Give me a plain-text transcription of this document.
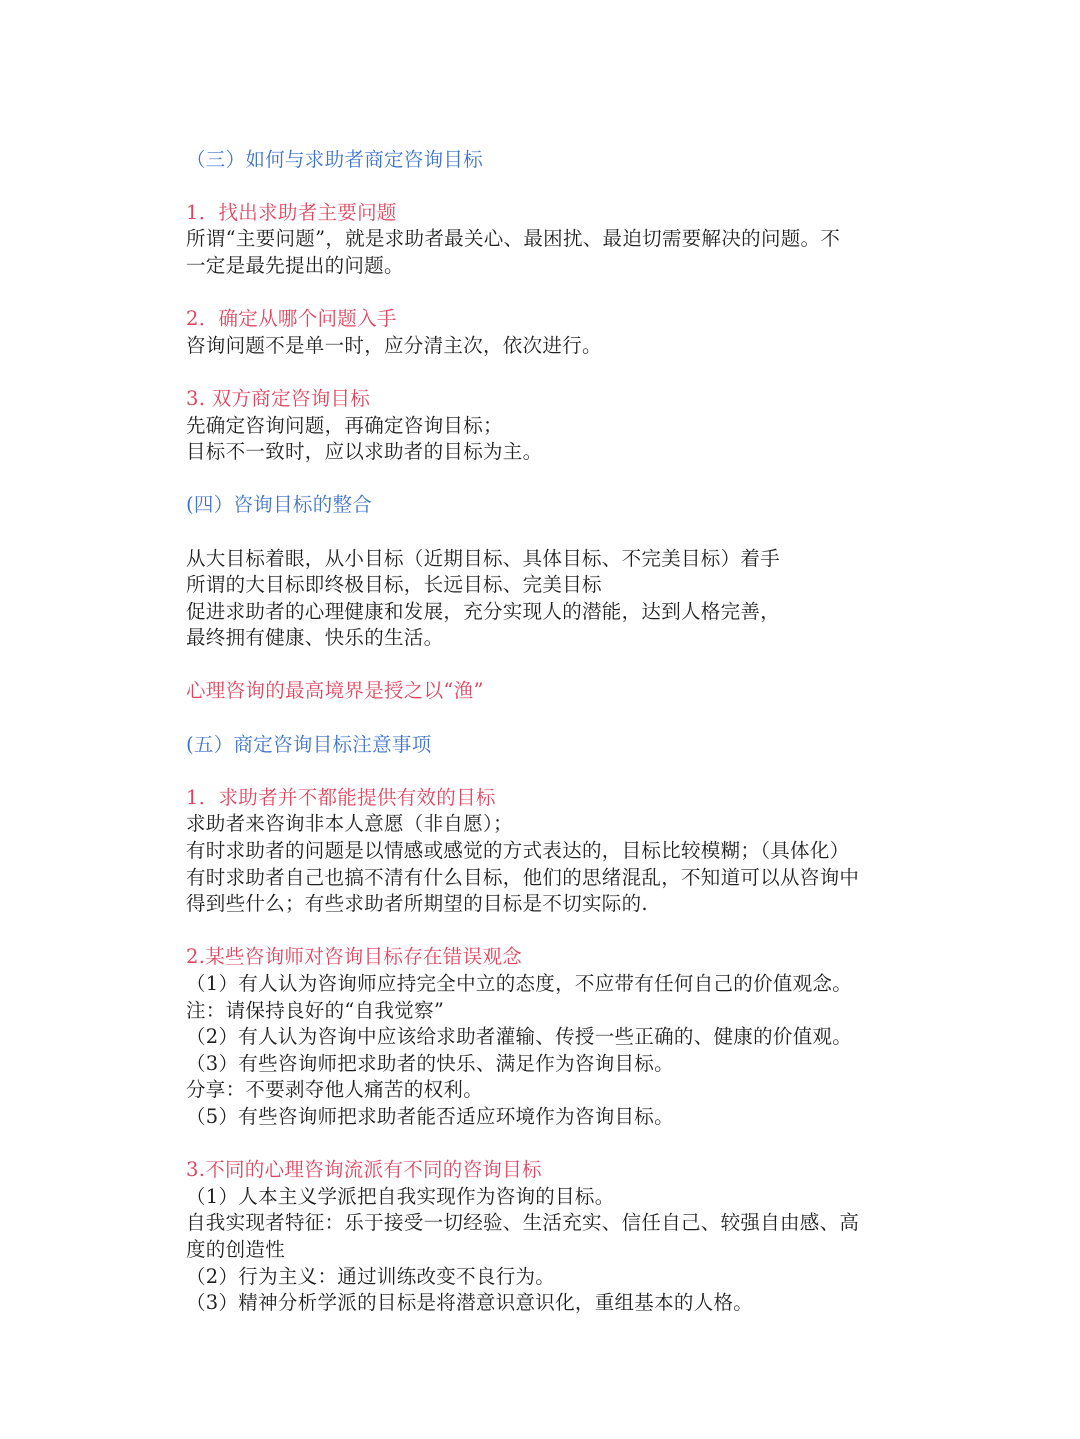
（三）如何与求助者商定咨询目标
1．找出求助者主要问题
所谓“主要问题”，就是求助者最关心、最困扰、最迫切需要解决的问题。不
一定是最先提出的问题。
2．确定从哪个问题入手
咨询问题不是单一时，应分清主次，依次进行。
3. 双方商定咨询目标
先确定咨询问题，再确定咨询目标；
目标不一致时，应以求助者的目标为主。
(四）咨询目标的整合
从大目标着眼，从小目标（近期目标、具体目标、不完美目标）着手
所谓的大目标即终极目标，长远目标、完美目标
促进求助者的心理健康和发展，充分实现人的潜能，达到人格完善，
最终拥有健康、快乐的生活。
心理咨询的最高境界是授之以“渔”
(五）商定咨询目标注意事项
1．求助者并不都能提供有效的目标
求助者来咨询非本人意愿（非自愿）；
有时求助者的问题是以情感或感觉的方式表达的，目标比较模糊；（具体化）
有时求助者自己也搞不清有什么目标，他们的思绪混乱，不知道可以从咨询中
得到些什么；有些求助者所期望的目标是不切实际的.
2.某些咨询师对咨询目标存在错误观念
（1）有人认为咨询师应持完全中立的态度，不应带有任何自己的价值观念。
注：请保持良好的“自我觉察”
（2）有人认为咨询中应该给求助者灌输、传授一些正确的、健康的价值观。
（3）有些咨询师把求助者的快乐、满足作为咨询目标。
分享：不要剥夺他人痛苦的权利。
（5）有些咨询师把求助者能否适应环境作为咨询目标。
3.不同的心理咨询流派有不同的咨询目标
（1）人本主义学派把自我实现作为咨询的目标。
自我实现者特征：乐于接受一切经验、生活充实、信任自己、较强自由感、高
度的创造性
（2）行为主义：通过训练改变不良行为。
（3）精神分析学派的目标是将潜意识意识化，重组基本的人格。
